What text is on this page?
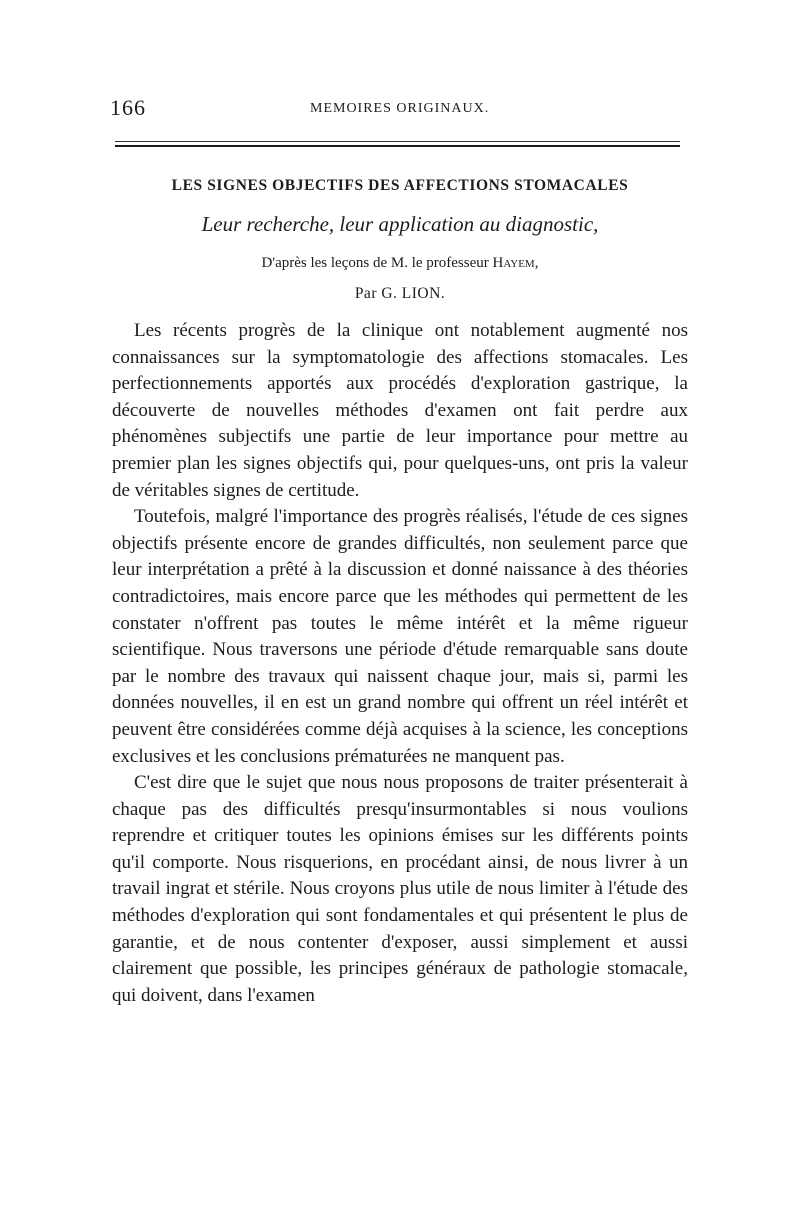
166	MEMOIRES ORIGINAUX.
LES SIGNES OBJECTIFS DES AFFECTIONS STOMACALES
Leur recherche, leur application au diagnostic,
D'après les leçons de M. le professeur Hayem,
Par G. LION.

Les récents progrès de la clinique ont notablement augmenté nos connaissances sur la symptomatologie des affections stomacales. Les perfectionnements apportés aux procédés d'exploration gastrique, la découverte de nouvelles méthodes d'examen ont fait perdre aux phénomènes subjectifs une partie de leur importance pour mettre au premier plan les signes objectifs qui, pour quelques-uns, ont pris la valeur de véritables signes de certitude.

Toutefois, malgré l'importance des progrès réalisés, l'étude de ces signes objectifs présente encore de grandes difficultés, non seulement parce que leur interprétation a prêté à la discussion et donné naissance à des théories contradictoires, mais encore parce que les méthodes qui permettent de les constater n'offrent pas toutes le même intérêt et la même rigueur scientifique. Nous traversons une période d'étude remarquable sans doute par le nombre des travaux qui naissent chaque jour, mais si, parmi les données nouvelles, il en est un grand nombre qui offrent un réel intérêt et peuvent être considérées comme déjà acquises à la science, les conceptions exclusives et les conclusions prématurées ne manquent pas.

C'est dire que le sujet que nous nous proposons de traiter présenterait à chaque pas des difficultés presqu'insurmontables si nous voulions reprendre et critiquer toutes les opinions émises sur les différents points qu'il comporte. Nous risquerions, en procédant ainsi, de nous livrer à un travail ingrat et stérile. Nous croyons plus utile de nous limiter à l'étude des méthodes d'exploration qui sont fondamentales et qui présentent le plus de garantie, et de nous contenter d'exposer, aussi simplement et aussi clairement que possible, les principes généraux de pathologie stomacale, qui doivent, dans l'examen
